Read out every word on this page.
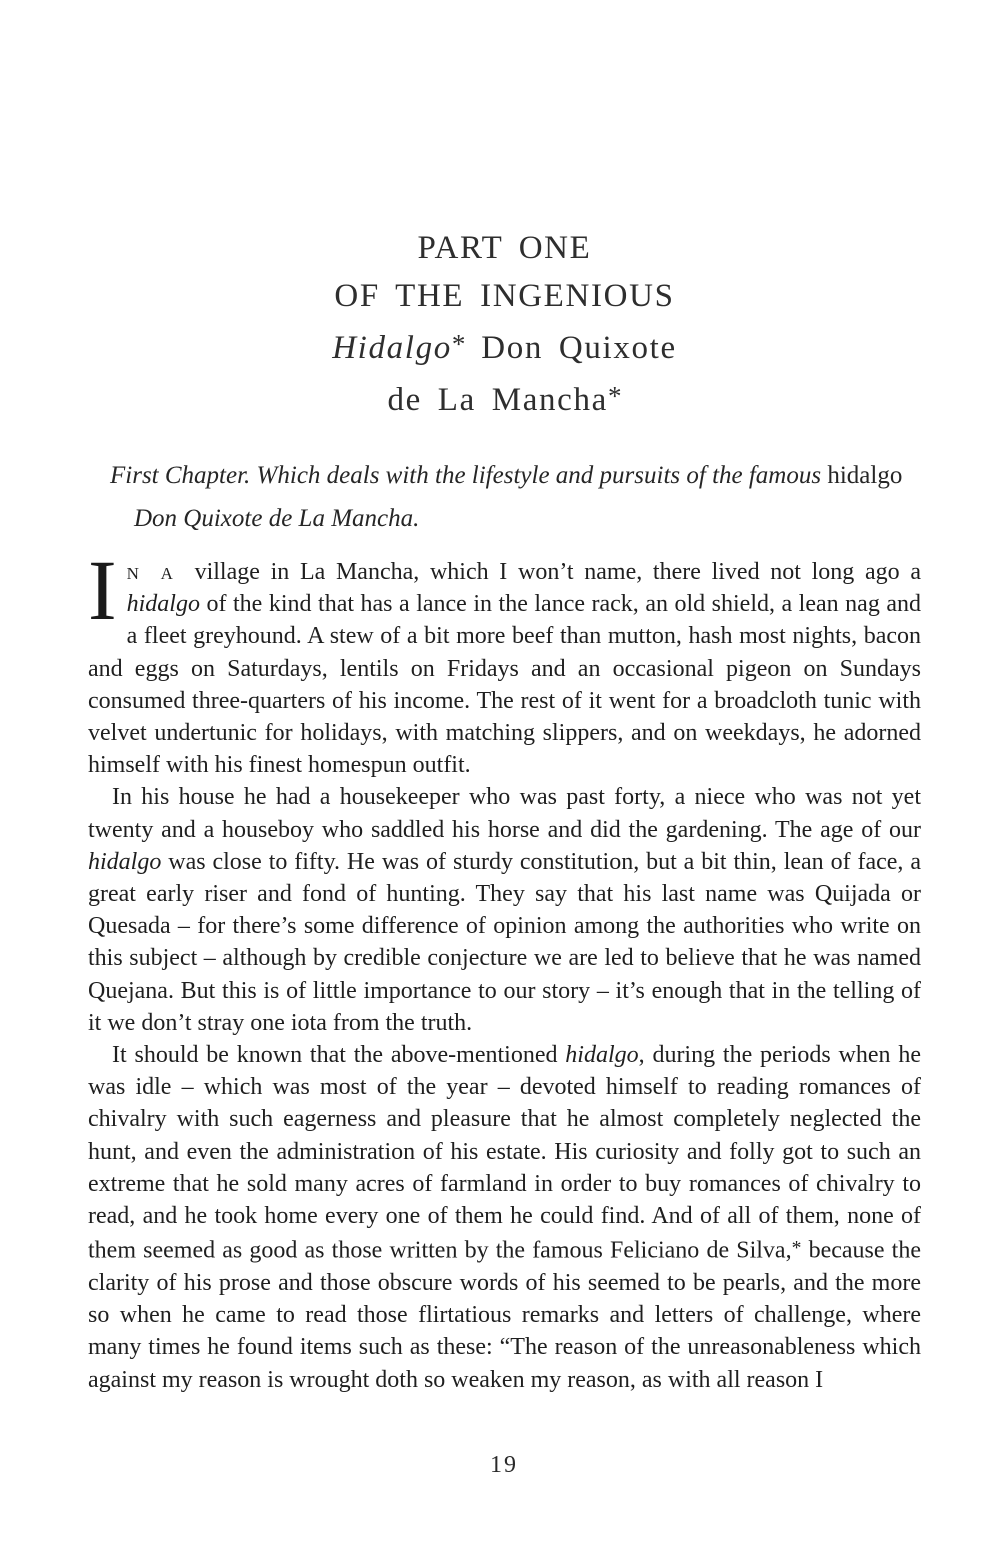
PART ONE
OF THE INGENIOUS
Hidalgo* Don Quixote
de La Mancha*
First Chapter. Which deals with the lifestyle and pursuits of the famous hidalgo Don Quixote de La Mancha.

In a village in La Mancha, which I won’t name, there lived not long ago a hidalgo of the kind that has a lance in the lance rack, an old shield, a lean nag and a fleet greyhound. A stew of a bit more beef than mutton, hash most nights, bacon and eggs on Saturdays, lentils on Fridays and an occasional pigeon on Sundays consumed three-quarters of his income. The rest of it went for a broadcloth tunic with velvet undertunic for holidays, with matching slippers, and on weekdays, he adorned himself with his finest homespun outfit.

In his house he had a housekeeper who was past forty, a niece who was not yet twenty and a houseboy who saddled his horse and did the gardening. The age of our hidalgo was close to fifty. He was of sturdy constitution, but a bit thin, lean of face, a great early riser and fond of hunting. They say that his last name was Quijada or Quesada – for there’s some difference of opinion among the authorities who write on this subject – although by credible conjecture we are led to believe that he was named Quejana. But this is of little importance to our story – it’s enough that in the telling of it we don’t stray one iota from the truth.

It should be known that the above-mentioned hidalgo, during the periods when he was idle – which was most of the year – devoted himself to reading romances of chivalry with such eagerness and pleasure that he almost completely neglected the hunt, and even the administration of his estate. His curiosity and folly got to such an extreme that he sold many acres of farmland in order to buy romances of chivalry to read, and he took home every one of them he could find. And of all of them, none of them seemed as good as those written by the famous Feliciano de Silva,* because the clarity of his prose and those obscure words of his seemed to be pearls, and the more so when he came to read those flirtatious remarks and letters of challenge, where many times he found items such as these: “The reason of the unreasonableness which against my reason is wrought doth so weaken my reason, as with all reason I

19
